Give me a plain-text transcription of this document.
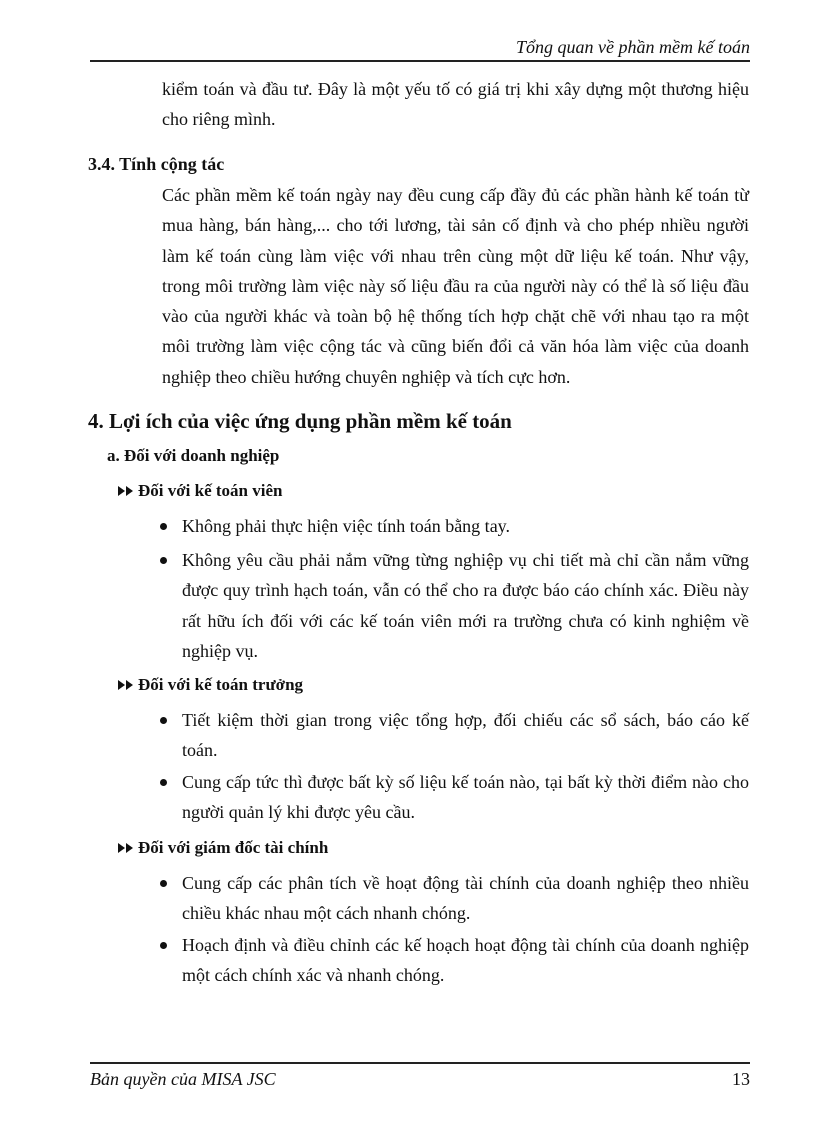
Tổng quan về phần mềm kế toán

kiểm toán và đầu tư. Đây là một yếu tố có giá trị khi xây dựng một thương hiệu cho riêng mình.

3.4. Tính cộng tác

Các phần mềm kế toán ngày nay đều cung cấp đầy đủ các phần hành kế toán từ mua hàng, bán hàng,... cho tới lương, tài sản cố định và cho phép nhiều người làm kế toán cùng làm việc với nhau trên cùng một dữ liệu kế toán. Như vậy, trong môi trường làm việc này số liệu đầu ra của người này có thể là số liệu đầu vào của người khác và toàn bộ hệ thống tích hợp chặt chẽ với nhau tạo ra một môi trường làm việc cộng tác và cũng biến đổi cả văn hóa làm việc của doanh nghiệp theo chiều hướng chuyên nghiệp và tích cực hơn.

4. Lợi ích của việc ứng dụng phần mềm kế toán
a. Đối với doanh nghiệp
Đối với kế toán viên

Không phải thực hiện việc tính toán bằng tay.

Không yêu cầu phải nắm vững từng nghiệp vụ chi tiết mà chỉ cần nắm vững được quy trình hạch toán, vẫn có thể cho ra được báo cáo chính xác. Điều này rất hữu ích đối với các kế toán viên mới ra trường chưa có kinh nghiệm về nghiệp vụ.

Đối với kế toán trưởng

Tiết kiệm thời gian trong việc tổng hợp, đối chiếu các sổ sách, báo cáo kế toán.

Cung cấp tức thì được bất kỳ số liệu kế toán nào, tại bất kỳ thời điểm nào cho người quản lý khi được yêu cầu.

Đối với giám đốc tài chính

Cung cấp các phân tích về hoạt động tài chính của doanh nghiệp theo nhiều chiều khác nhau một cách nhanh chóng.

Hoạch định và điều chỉnh các kế hoạch hoạt động tài chính của doanh nghiệp một cách chính xác và nhanh chóng.

Bản quyền của MISA JSC	13
